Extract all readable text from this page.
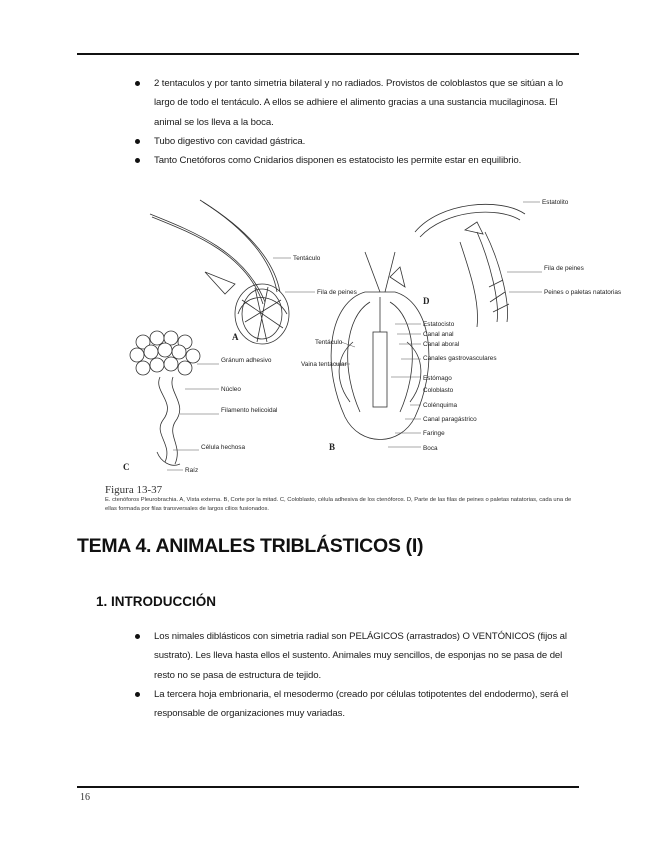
2 tentaculos y por tanto simetria bilateral y no radiados. Provistos de coloblastos que se sitúan a lo largo de todo el tentáculo. A ellos se adhiere el alimento gracias a una sustancia mucilaginosa. El animal se los lleva a la boca.
Tubo digestivo con cavidad gástrica.
Tanto Cnetóforos como Cnidarios disponen es estatocisto les permite estar en equilibrio.
Tentáculo
Fila de peines
A
Gránum adhesivo
Núcleo
Filamento helicoidal
Célula hechosa
Raíz
C
Estatocisto
Canal anal
Canal aboral
Canales gastrovasculares
Estómago
Colénquima
Canal paragástrico
Faringe
Boca
Tentáculo
Vaina tentacular
Coloblasto
B
Estatolito
Fila de peines
Peines o paletas natatorias
D
Figura 13-37
E. ctenóforos Pleurobrachia. A, Vista externa. B, Corte por la mitad. C, Coloblasto, célula adhesiva de los ctenóforos. D, Parte de las filas de peines o paletas natatorias, cada una de ellas formada por filas transversales de largos cilios fusionados.
TEMA 4. ANIMALES TRIBLÁSTICOS (I)
1. INTRODUCCIÓN
Los nimales diblásticos con simetria radial son PELÁGICOS (arrastrados) O VENTÓNICOS (fijos al sustrato). Les lleva hasta ellos el sustento. Animales muy sencillos, de esponjas no se pasa de del resto no se pasa de estructura de tejido.
La tercera hoja embrionaria, el mesodermo (creado por células totipotentes del endodermo), será el responsable de organizaciones muy variadas.
16
